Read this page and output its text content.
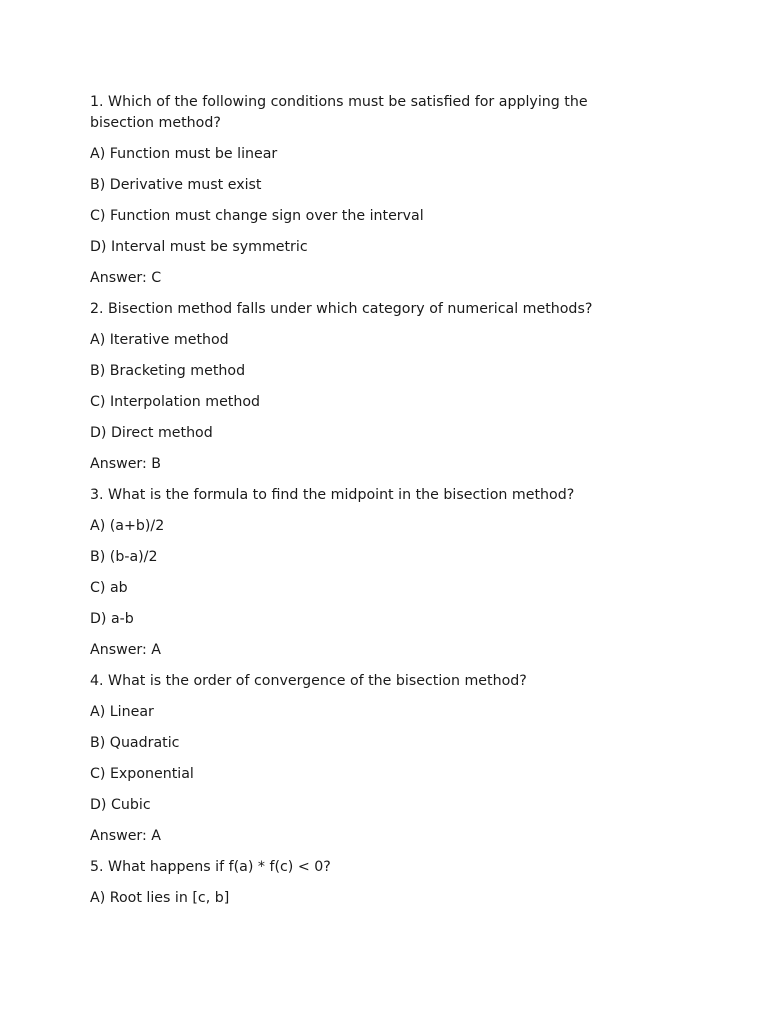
1. Which of the following conditions must be satisfied for applying the bisection method?

A) Function must be linear

B) Derivative must exist

C) Function must change sign over the interval

D) Interval must be symmetric

Answer: C

2. Bisection method falls under which category of numerical methods?

A) Iterative method

B) Bracketing method

C) Interpolation method

D) Direct method

Answer: B

3. What is the formula to find the midpoint in the bisection method?

A) (a+b)/2

B) (b-a)/2

C) ab

D) a-b

Answer: A

4. What is the order of convergence of the bisection method?

A) Linear

B) Quadratic

C) Exponential

D) Cubic

Answer: A

5. What happens if f(a) * f(c) < 0?

A) Root lies in [c, b]
